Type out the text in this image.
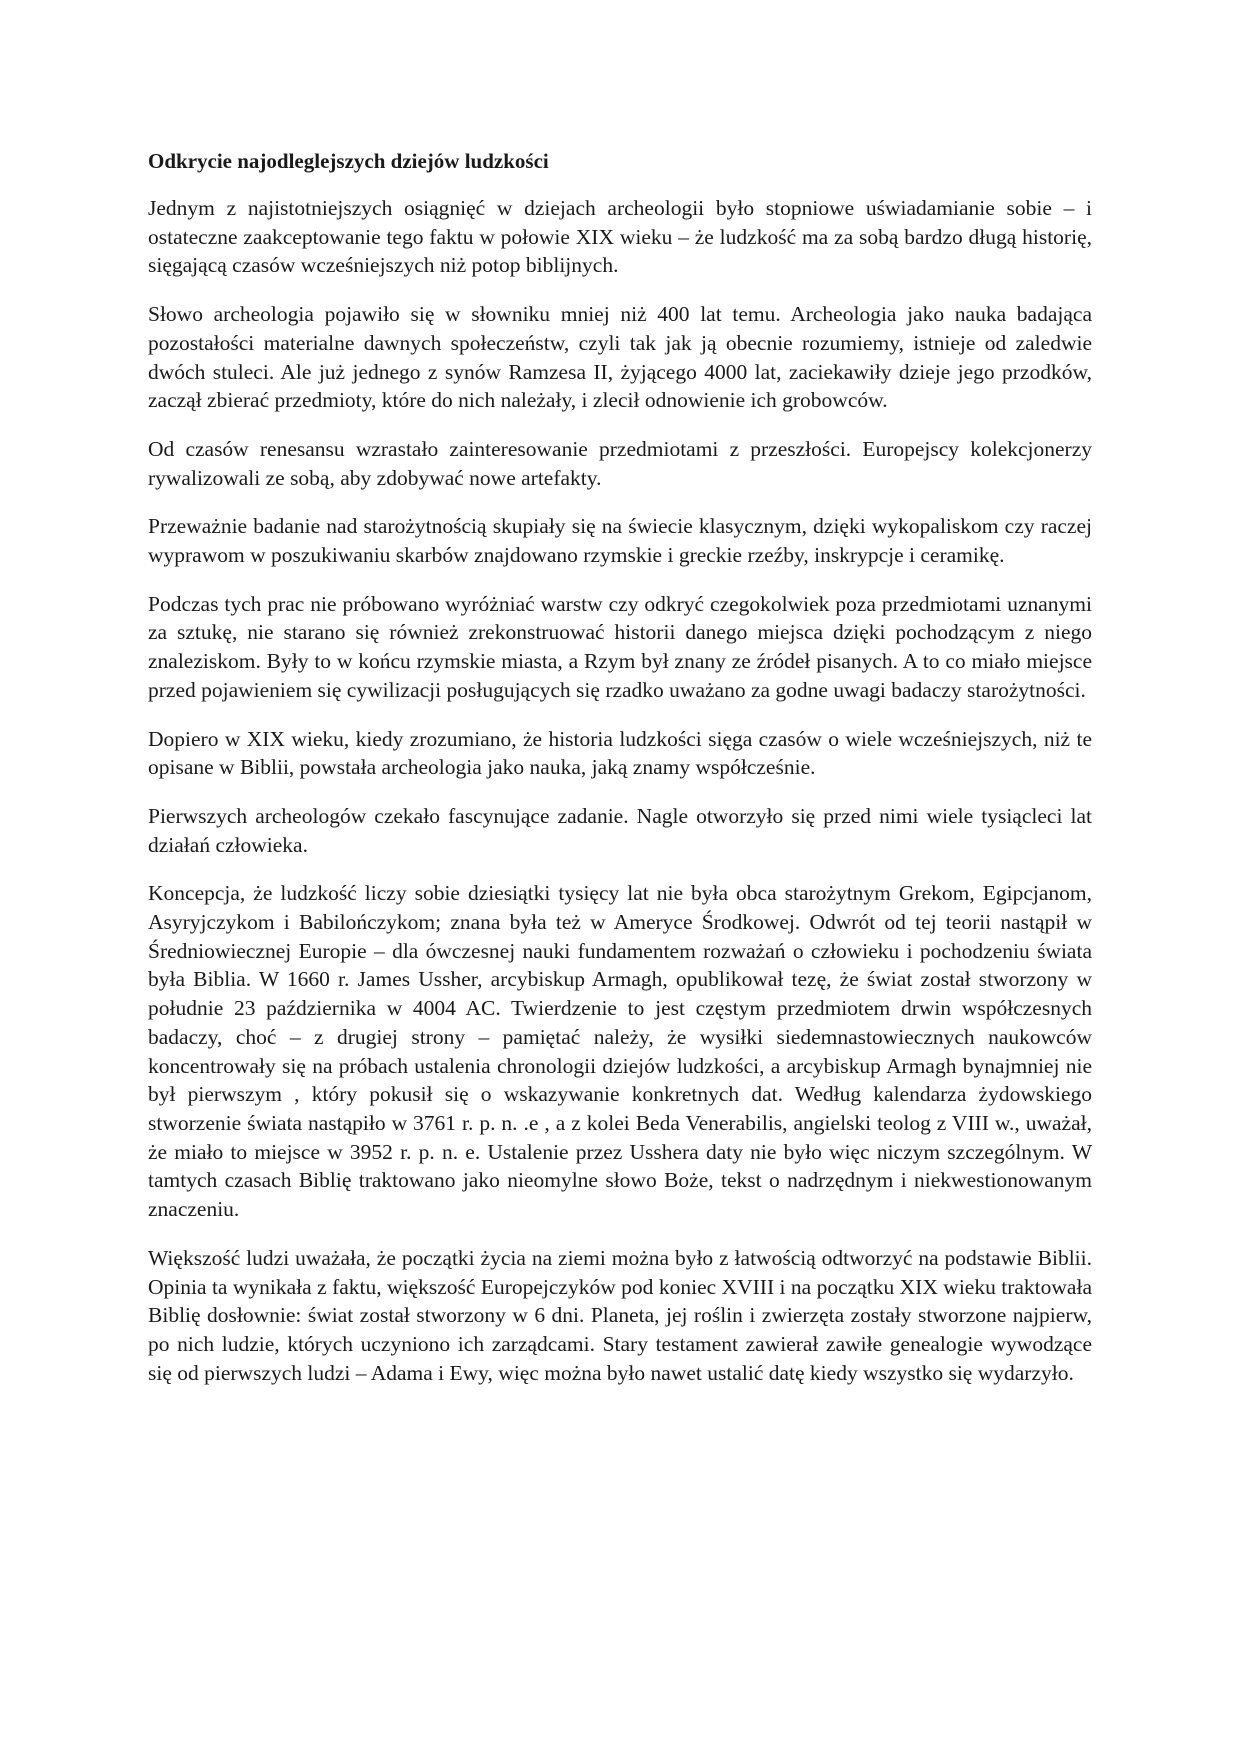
Odkrycie najodleglejszych dziejów ludzkości

Jednym z najistotniejszych osiągnięć w dziejach archeologii było stopniowe uświadamianie sobie – i ostateczne zaakceptowanie tego faktu w połowie XIX wieku – że ludzkość ma za sobą bardzo długą historię, sięgającą czasów wcześniejszych niż potop biblijnych.

Słowo archeologia pojawiło się w słowniku mniej niż 400 lat temu. Archeologia jako nauka badająca pozostałości materialne dawnych społeczeństw, czyli tak jak ją obecnie rozumiemy, istnieje od zaledwie dwóch stuleci. Ale już jednego z synów Ramzesa II, żyjącego 4000 lat, zaciekawiły dzieje jego przodków, zaczął zbierać przedmioty, które do nich należały, i zlecił odnowienie ich grobowców.

Od czasów renesansu wzrastało zainteresowanie przedmiotami z przeszłości. Europejscy kolekcjonerzy rywalizowali ze sobą, aby zdobywać nowe artefakty.

Przeważnie badanie nad starożytnością skupiały się na świecie klasycznym, dzięki wykopaliskom czy raczej wyprawom w poszukiwaniu skarbów znajdowano rzymskie i greckie rzeźby, inskrypcje i ceramikę.

Podczas tych prac nie próbowano wyróżniać warstw czy odkryć czegokolwiek poza przedmiotami uznanymi za sztukę, nie starano się również zrekonstruować historii danego miejsca dzięki pochodzącym z niego znaleziskom. Były to w końcu rzymskie miasta, a Rzym był znany ze źródeł pisanych. A to co miało miejsce przed pojawieniem się cywilizacji posługujących się rzadko uważano za godne uwagi badaczy starożytności.

Dopiero w XIX wieku, kiedy zrozumiano, że historia ludzkości sięga czasów o wiele wcześniejszych, niż te opisane w Biblii, powstała archeologia jako nauka, jaką znamy współcześnie.

Pierwszych archeologów czekało fascynujące zadanie. Nagle otworzyło się przed nimi wiele tysiącleci lat działań człowieka.

Koncepcja, że ludzkość liczy sobie dziesiątki tysięcy lat nie była obca starożytnym Grekom, Egipcjanom, Asyryjczykom i Babilończykom; znana była też w Ameryce Środkowej. Odwrót od tej teorii nastąpił w Średniowiecznej Europie – dla ówczesnej nauki fundamentem rozważań o człowieku i pochodzeniu świata była Biblia. W 1660 r. James Ussher, arcybiskup Armagh, opublikował tezę, że świat został stworzony w południe 23 października w 4004 AC. Twierdzenie to jest częstym przedmiotem drwin współczesnych badaczy, choć – z drugiej strony – pamiętać należy, że wysiłki siedemnastowiecznych naukowców koncentrowały się na próbach ustalenia chronologii dziejów ludzkości, a arcybiskup Armagh bynajmniej nie był pierwszym , który pokusił się o wskazywanie konkretnych dat. Według kalendarza żydowskiego stworzenie świata nastąpiło w 3761 r. p. n. .e , a z kolei Beda Venerabilis, angielski teolog z VIII w., uważał, że miało to miejsce w 3952 r. p. n. e. Ustalenie przez Usshera daty nie było więc niczym szczególnym. W tamtych czasach Biblię traktowano jako nieomylne słowo Boże, tekst o nadrzędnym i niekwestionowanym znaczeniu.

Większość ludzi uważała, że początki życia na ziemi można było z łatwością odtworzyć na podstawie Biblii. Opinia ta wynikała z faktu, większość Europejczyków pod koniec XVIII i na początku XIX wieku traktowała Biblię dosłownie: świat został stworzony w 6 dni. Planeta, jej roślin i zwierzęta zostały stworzone najpierw, po nich ludzie, których uczyniono ich zarządcami. Stary testament zawierał zawiłe genealogie wywodzące się od pierwszych ludzi – Adama i Ewy, więc można było nawet ustalić datę kiedy wszystko się wydarzyło.
